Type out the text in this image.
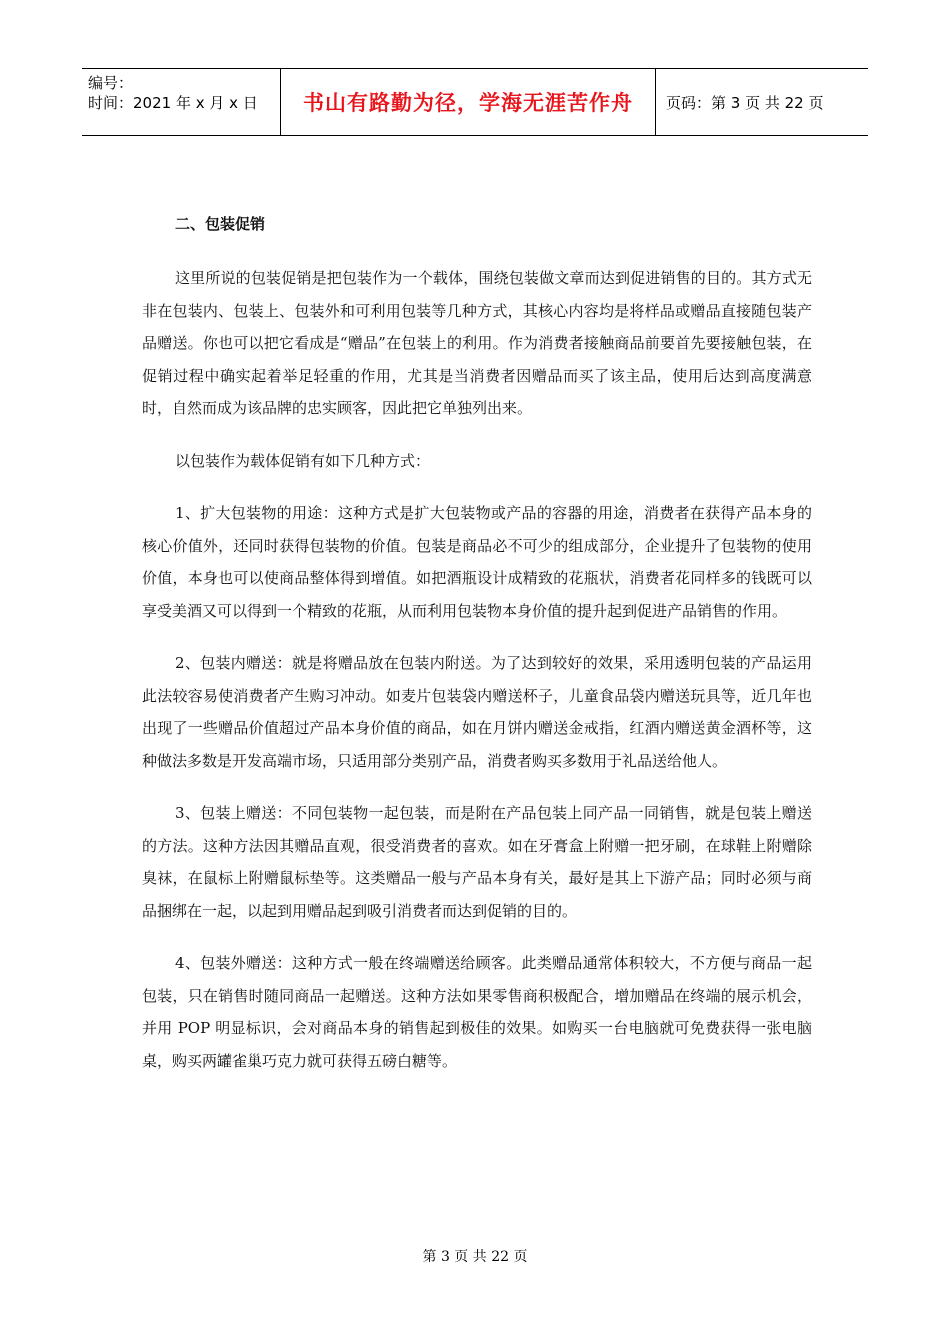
编号：
时间：2021 年 x 月 x 日	书山有路勤为径，学海无涯苦作舟	页码：第 3 页 共 22 页
二、包装促销

这里所说的包装促销是把包装作为一个载体，围绕包装做文章而达到促进销售的目的。其方式无非在包装内、包装上、包装外和可利用包装等几种方式，其核心内容均是将样品或赠品直接随包装产品赠送。你也可以把它看成是“赠品”在包装上的利用。作为消费者接触商品前要首先要接触包装，在促销过程中确实起着举足轻重的作用，尤其是当消费者因赠品而买了该主品，使用后达到高度满意时，自然而成为该品牌的忠实顾客，因此把它单独列出来。

以包装作为载体促销有如下几种方式：

1、扩大包装物的用途：这种方式是扩大包装物或产品的容器的用途，消费者在获得产品本身的核心价值外，还同时获得包装物的价值。包装是商品必不可少的组成部分，企业提升了包装物的使用价值，本身也可以使商品整体得到增值。如把酒瓶设计成精致的花瓶状，消费者花同样多的钱既可以享受美酒又可以得到一个精致的花瓶，从而利用包装物本身价值的提升起到促进产品销售的作用。

2、包装内赠送：就是将赠品放在包装内附送。为了达到较好的效果，采用透明包装的产品运用此法较容易使消费者产生购习冲动。如麦片包装袋内赠送杯子，儿童食品袋内赠送玩具等，近几年也出现了一些赠品价值超过产品本身价值的商品，如在月饼内赠送金戒指，红酒内赠送黄金酒杯等，这种做法多数是开发高端市场，只适用部分类别产品，消费者购买多数用于礼品送给他人。

3、包装上赠送：不同包装物一起包装，而是附在产品包装上同产品一同销售，就是包装上赠送的方法。这种方法因其赠品直观，很受消费者的喜欢。如在牙膏盒上附赠一把牙刷，在球鞋上附赠除臭袜，在鼠标上附赠鼠标垫等。这类赠品一般与产品本身有关，最好是其上下游产品；同时必须与商品捆绑在一起，以起到用赠品起到吸引消费者而达到促销的目的。

4、包装外赠送：这种方式一般在终端赠送给顾客。此类赠品通常体积较大，不方便与商品一起包装，只在销售时随同商品一起赠送。这种方法如果零售商积极配合，增加赠品在终端的展示机会，并用 POP 明显标识，会对商品本身的销售起到极佳的效果。如购买一台电脑就可免费获得一张电脑桌，购买两罐雀巢巧克力就可获得五磅白糖等。

第 3 页 共 22 页
